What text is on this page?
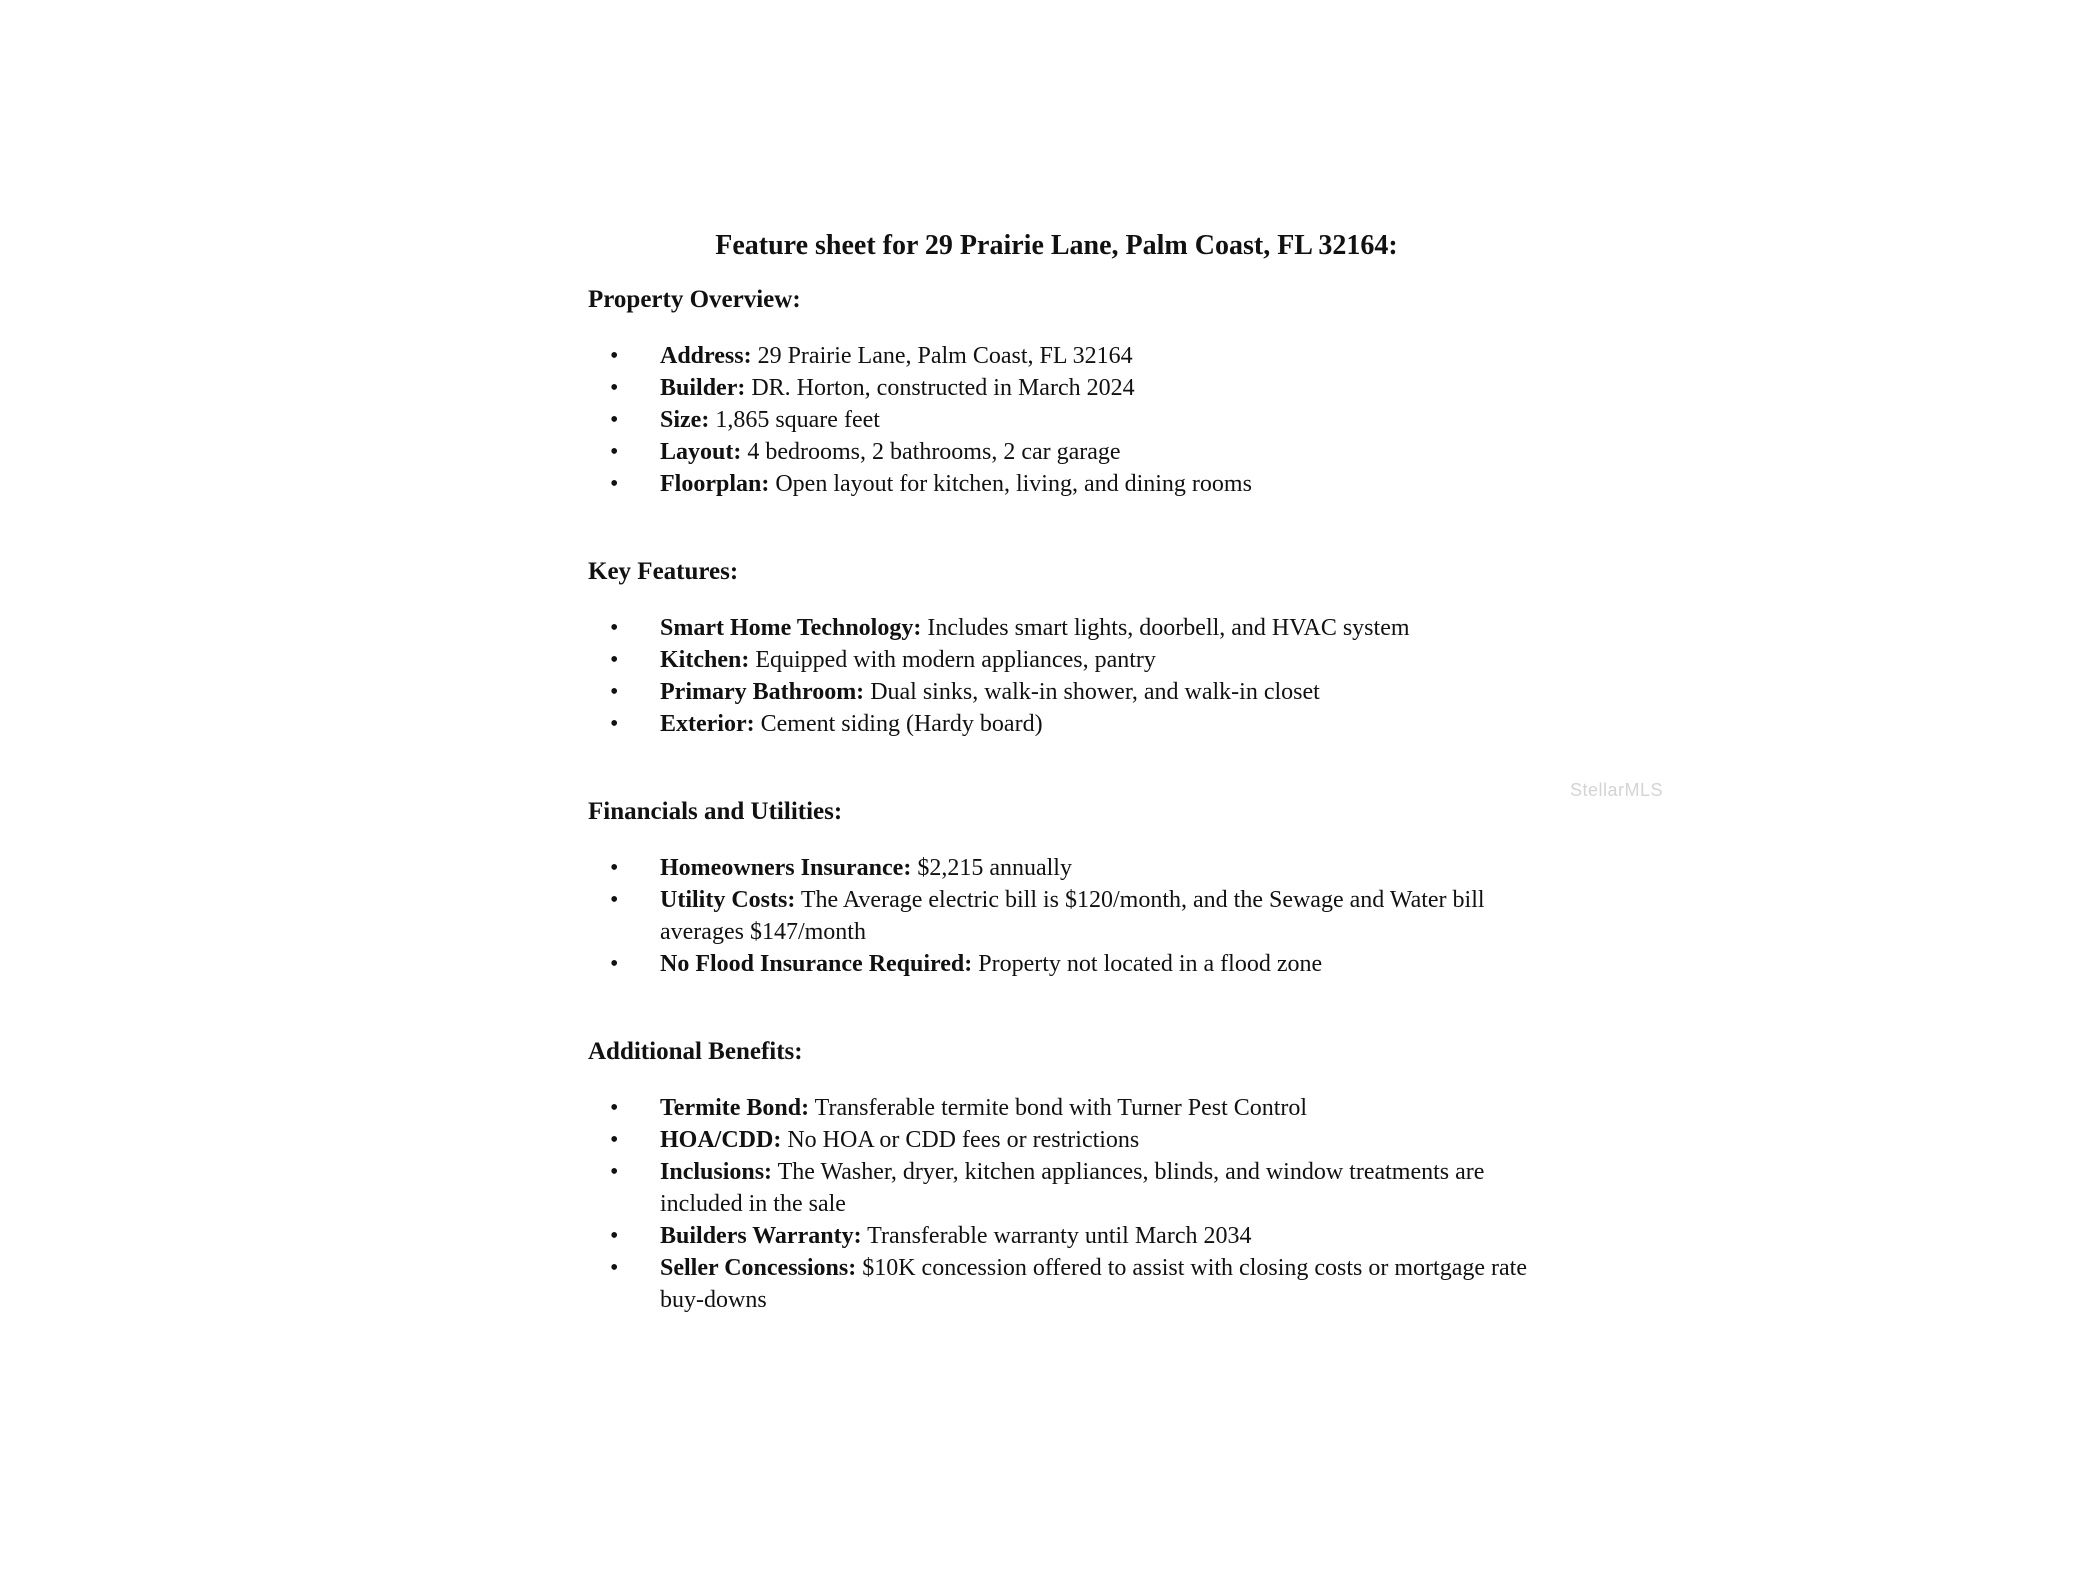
Feature sheet for 29 Prairie Lane, Palm Coast, FL 32164:
Property Overview:
• Address: 29 Prairie Lane, Palm Coast, FL 32164
• Builder: DR. Horton, constructed in March 2024
• Size: 1,865 square feet
• Layout: 4 bedrooms, 2 bathrooms, 2 car garage
• Floorplan: Open layout for kitchen, living, and dining rooms
Key Features:
• Smart Home Technology: Includes smart lights, doorbell, and HVAC system
• Kitchen: Equipped with modern appliances, pantry
• Primary Bathroom: Dual sinks, walk-in shower, and walk-in closet
• Exterior: Cement siding (Hardy board)
Financials and Utilities:
• Homeowners Insurance: $2,215 annually
• Utility Costs: The Average electric bill is $120/month, and the Sewage and Water bill averages $147/month
• No Flood Insurance Required: Property not located in a flood zone
Additional Benefits:
• Termite Bond: Transferable termite bond with Turner Pest Control
• HOA/CDD: No HOA or CDD fees or restrictions
• Inclusions: The Washer, dryer, kitchen appliances, blinds, and window treatments are included in the sale
• Builders Warranty: Transferable warranty until March 2034
• Seller Concessions: $10K concession offered to assist with closing costs or mortgage rate buy-downs
StellarMLS
